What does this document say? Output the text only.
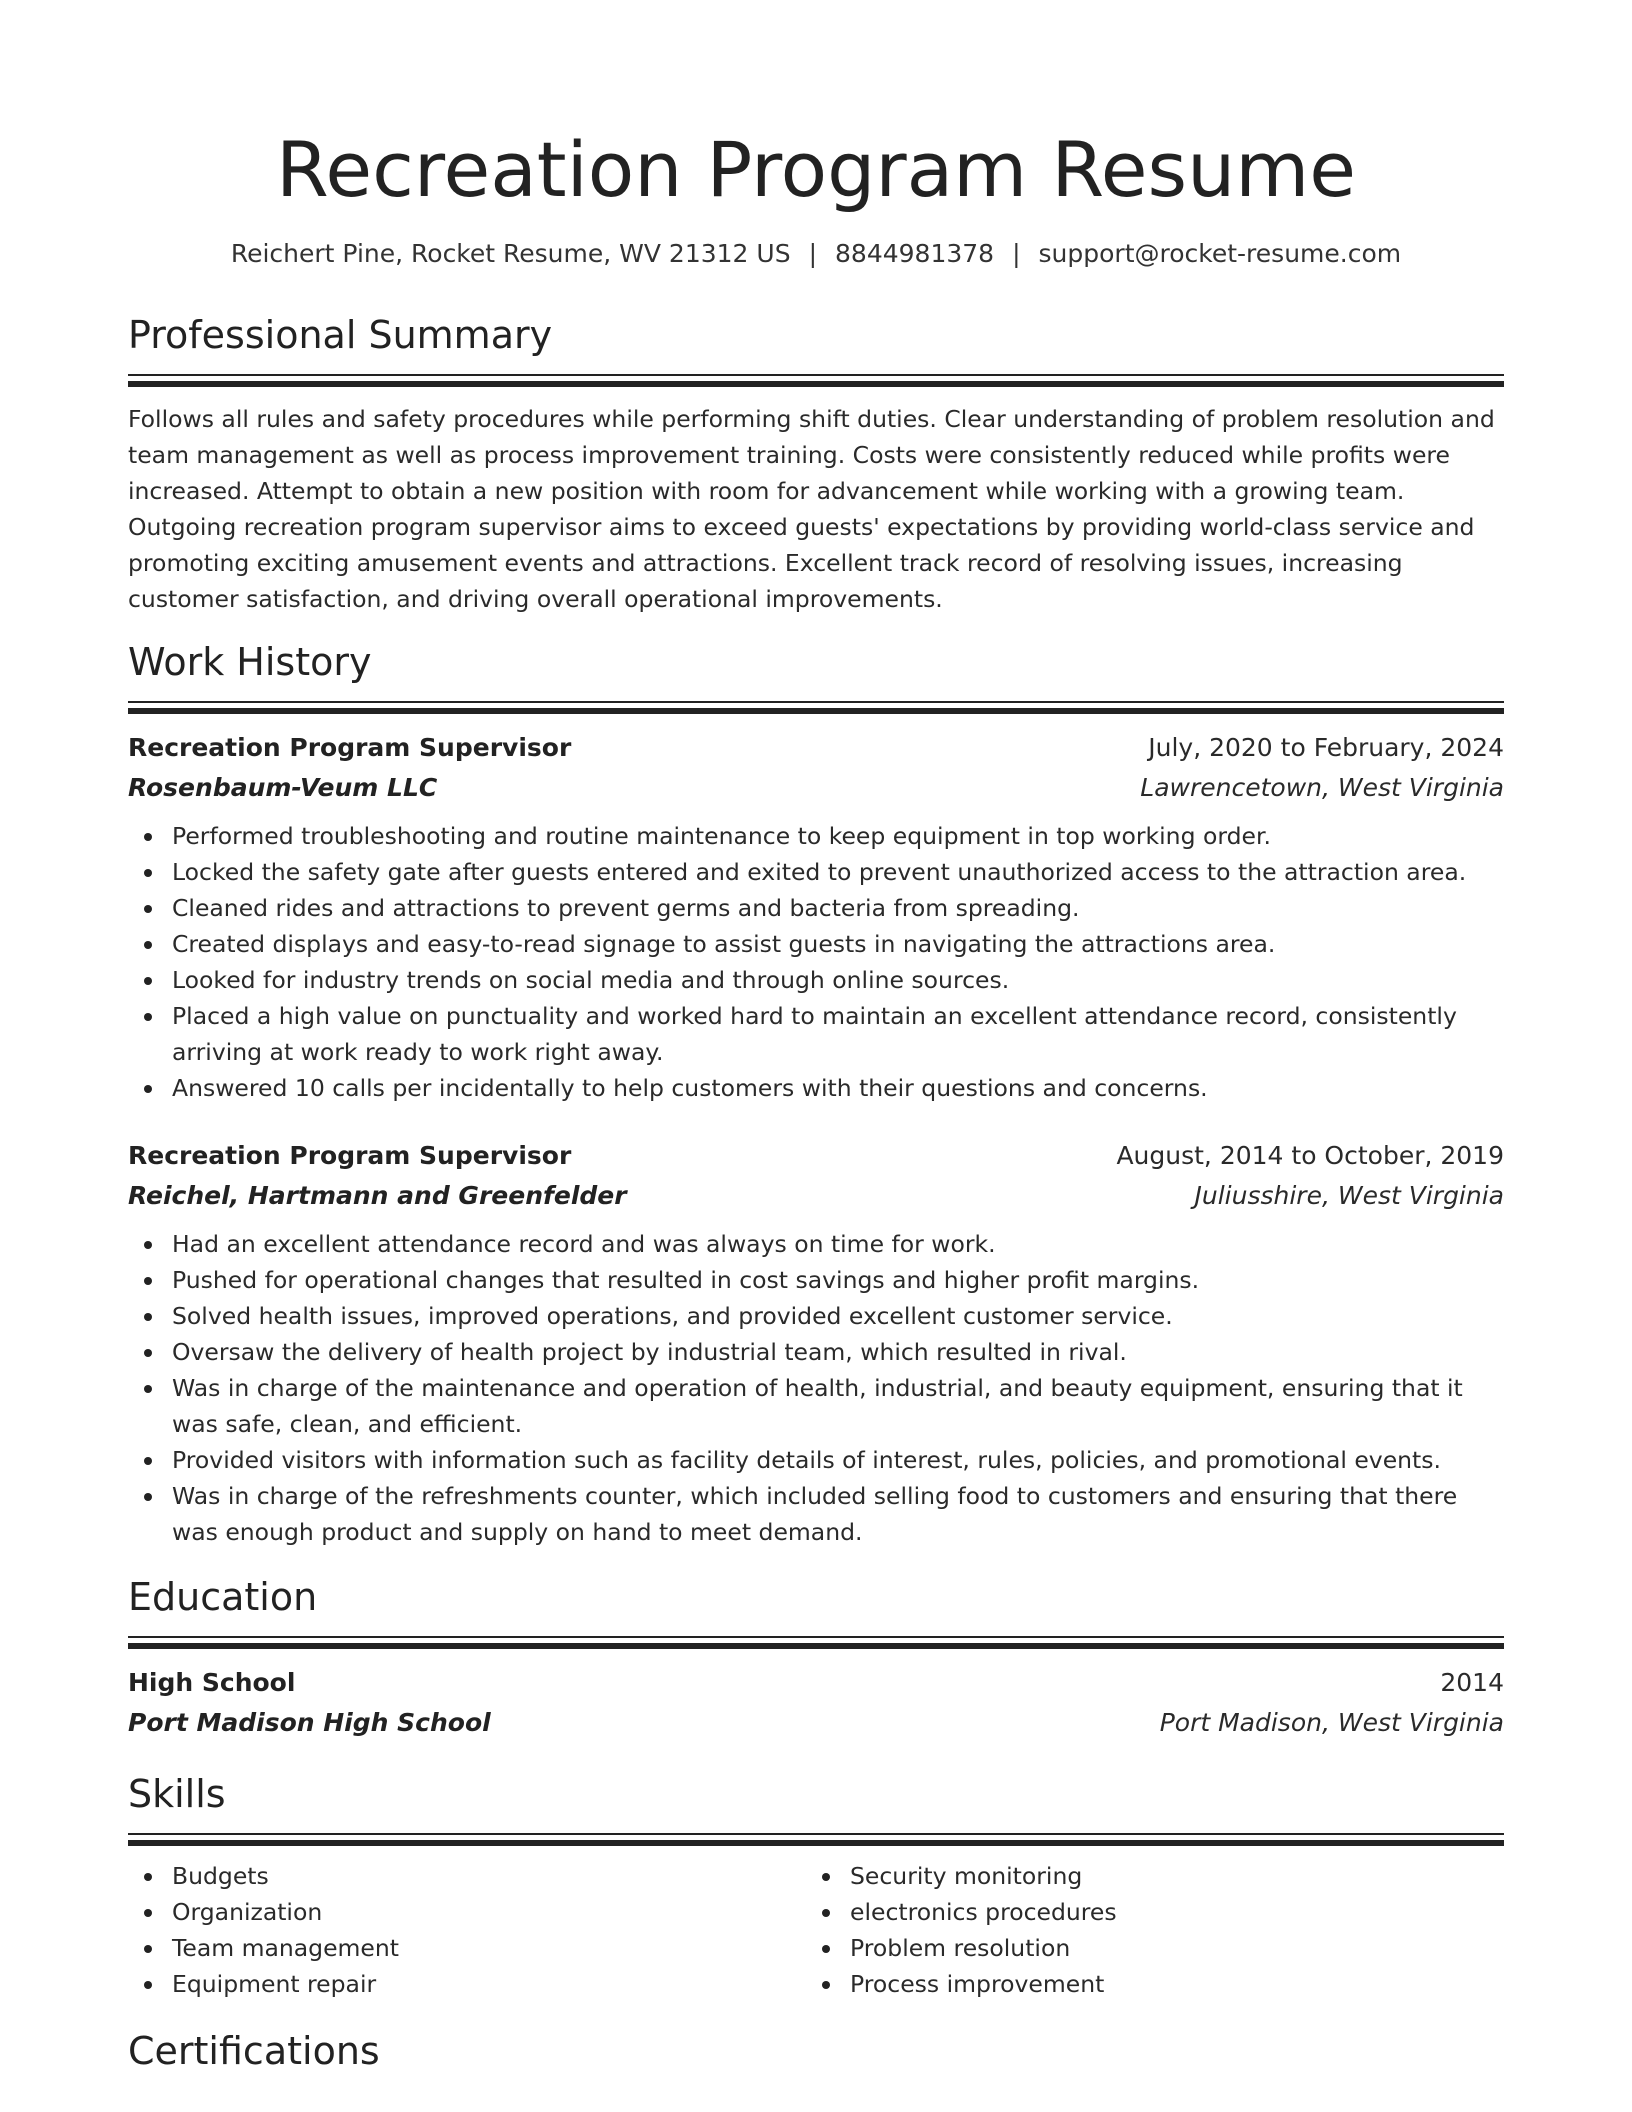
Recreation Program Resume
Reichert Pine, Rocket Resume, WV 21312 US | 8844981378 | support@rocket-resume.com
Professional Summary

Follows all rules and safety procedures while performing shift duties. Clear understanding of problem resolution and team management as well as process improvement training. Costs were consistently reduced while profits were increased. Attempt to obtain a new position with room for advancement while working with a growing team. Outgoing recreation program supervisor aims to exceed guests' expectations by providing world-class service and promoting exciting amusement events and attractions. Excellent track record of resolving issues, increasing customer satisfaction, and driving overall operational improvements.

Work History
Recreation Program Supervisor	July, 2020 to February, 2024
Rosenbaum-Veum LLC	Lawrencetown, West Virginia
Performed troubleshooting and routine maintenance to keep equipment in top working order.
Locked the safety gate after guests entered and exited to prevent unauthorized access to the attraction area.
Cleaned rides and attractions to prevent germs and bacteria from spreading.
Created displays and easy-to-read signage to assist guests in navigating the attractions area.
Looked for industry trends on social media and through online sources.
Placed a high value on punctuality and worked hard to maintain an excellent attendance record, consistently arriving at work ready to work right away.
Answered 10 calls per incidentally to help customers with their questions and concerns.
Recreation Program Supervisor	August, 2014 to October, 2019
Reichel, Hartmann and Greenfelder	Juliusshire, West Virginia
Had an excellent attendance record and was always on time for work.
Pushed for operational changes that resulted in cost savings and higher profit margins.
Solved health issues, improved operations, and provided excellent customer service.
Oversaw the delivery of health project by industrial team, which resulted in rival.
Was in charge of the maintenance and operation of health, industrial, and beauty equipment, ensuring that it was safe, clean, and efficient.
Provided visitors with information such as facility details of interest, rules, policies, and promotional events.
Was in charge of the refreshments counter, which included selling food to customers and ensuring that there was enough product and supply on hand to meet demand.
Education
High School	2014
Port Madison High School	Port Madison, West Virginia
Skills
Budgets
Organization
Team management
Equipment repair
Security monitoring
electronics procedures
Problem resolution
Process improvement
Certifications
